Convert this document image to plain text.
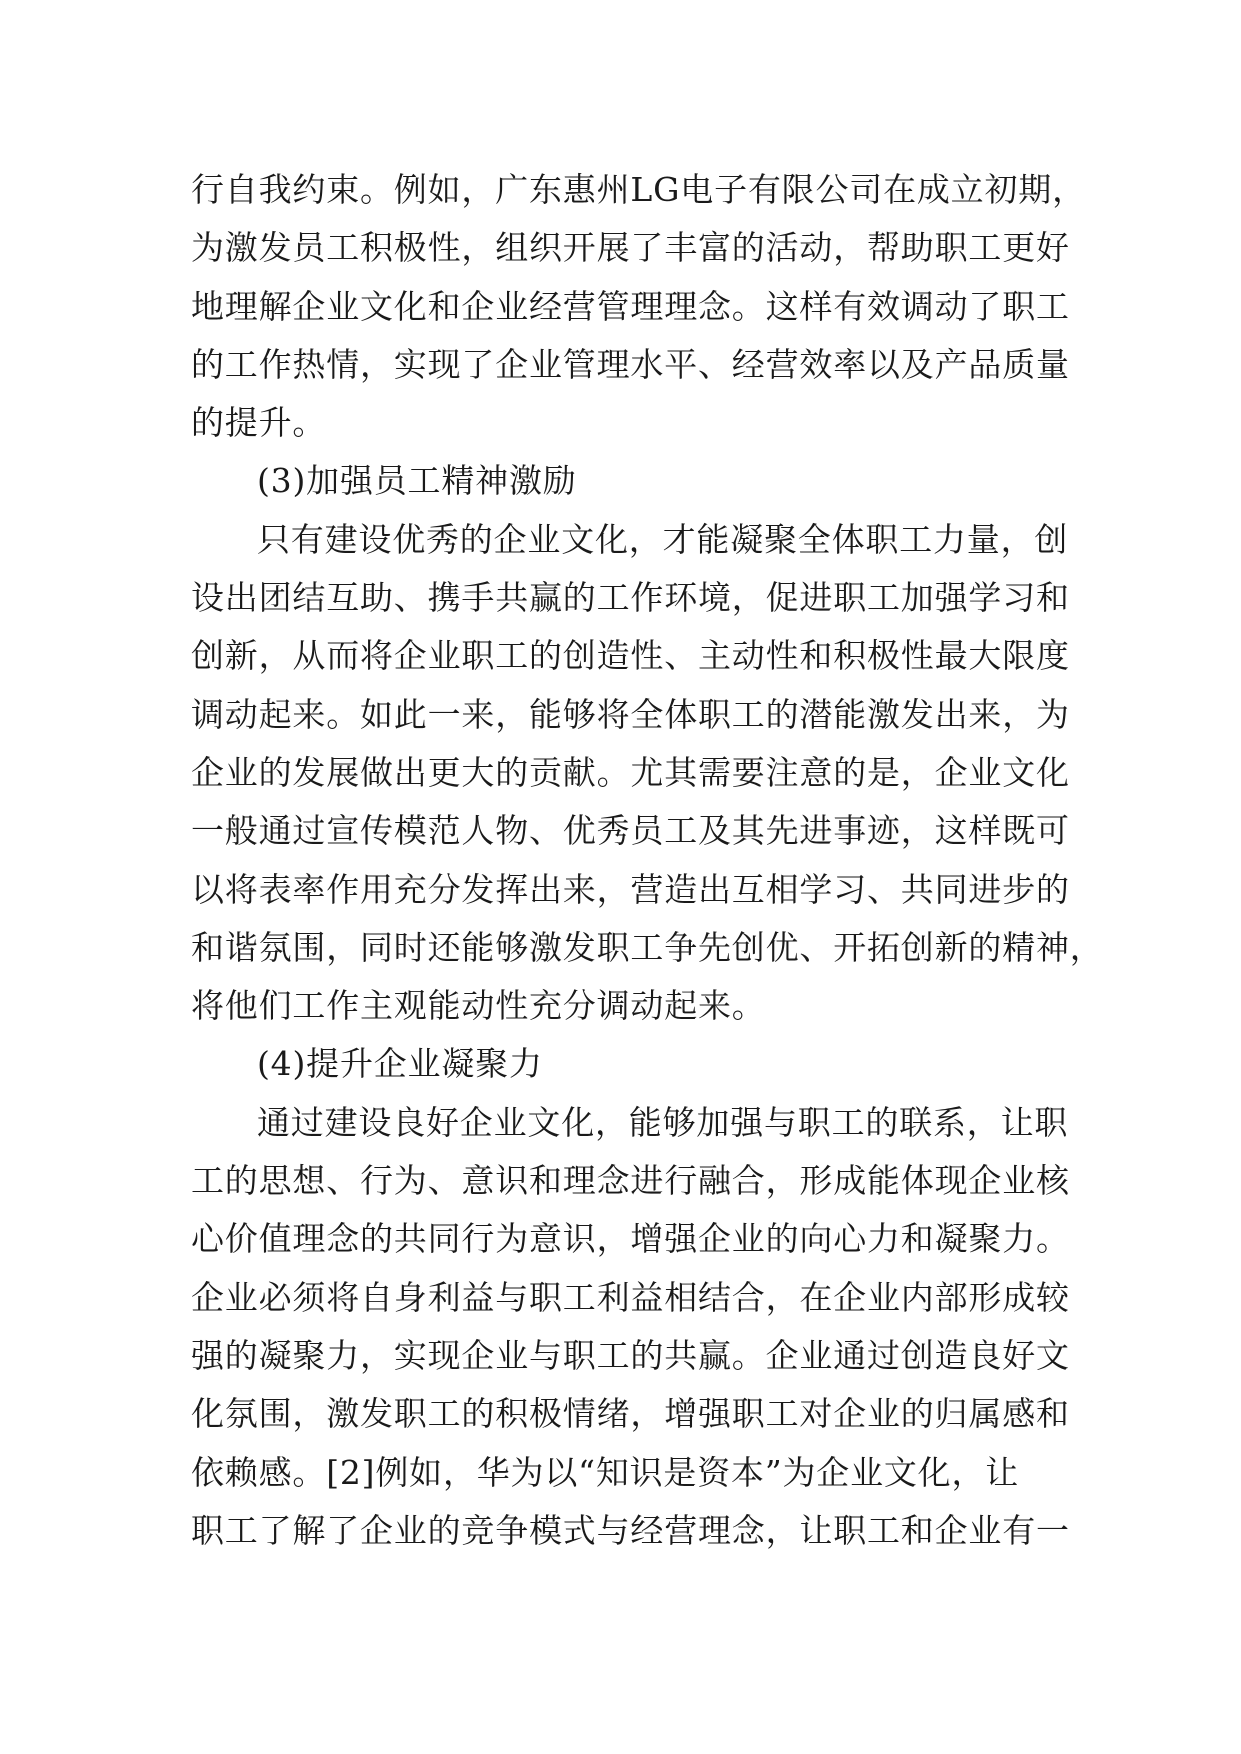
行自我约束。例如，广东惠州LG电子有限公司在成立初期，
为激发员工积极性，组织开展了丰富的活动，帮助职工更好
地理解企业文化和企业经营管理理念。这样有效调动了职工
的工作热情，实现了企业管理水平、经营效率以及产品质量
的提升。
(3)加强员工精神激励
只有建设优秀的企业文化，才能凝聚全体职工力量，创
设出团结互助、携手共赢的工作环境，促进职工加强学习和
创新，从而将企业职工的创造性、主动性和积极性最大限度
调动起来。如此一来，能够将全体职工的潜能激发出来，为
企业的发展做出更大的贡献。尤其需要注意的是，企业文化
一般通过宣传模范人物、优秀员工及其先进事迹，这样既可
以将表率作用充分发挥出来，营造出互相学习、共同进步的
和谐氛围，同时还能够激发职工争先创优、开拓创新的精神，
将他们工作主观能动性充分调动起来。
(4)提升企业凝聚力
通过建设良好企业文化，能够加强与职工的联系，让职
工的思想、行为、意识和理念进行融合，形成能体现企业核
心价值理念的共同行为意识，增强企业的向心力和凝聚力。
企业必须将自身利益与职工利益相结合，在企业内部形成较
强的凝聚力，实现企业与职工的共赢。企业通过创造良好文
化氛围，激发职工的积极情绪，增强职工对企业的归属感和
依赖感。[2]例如，华为以“知识是资本”为企业文化，让
职工了解了企业的竞争模式与经营理念，让职工和企业有一
